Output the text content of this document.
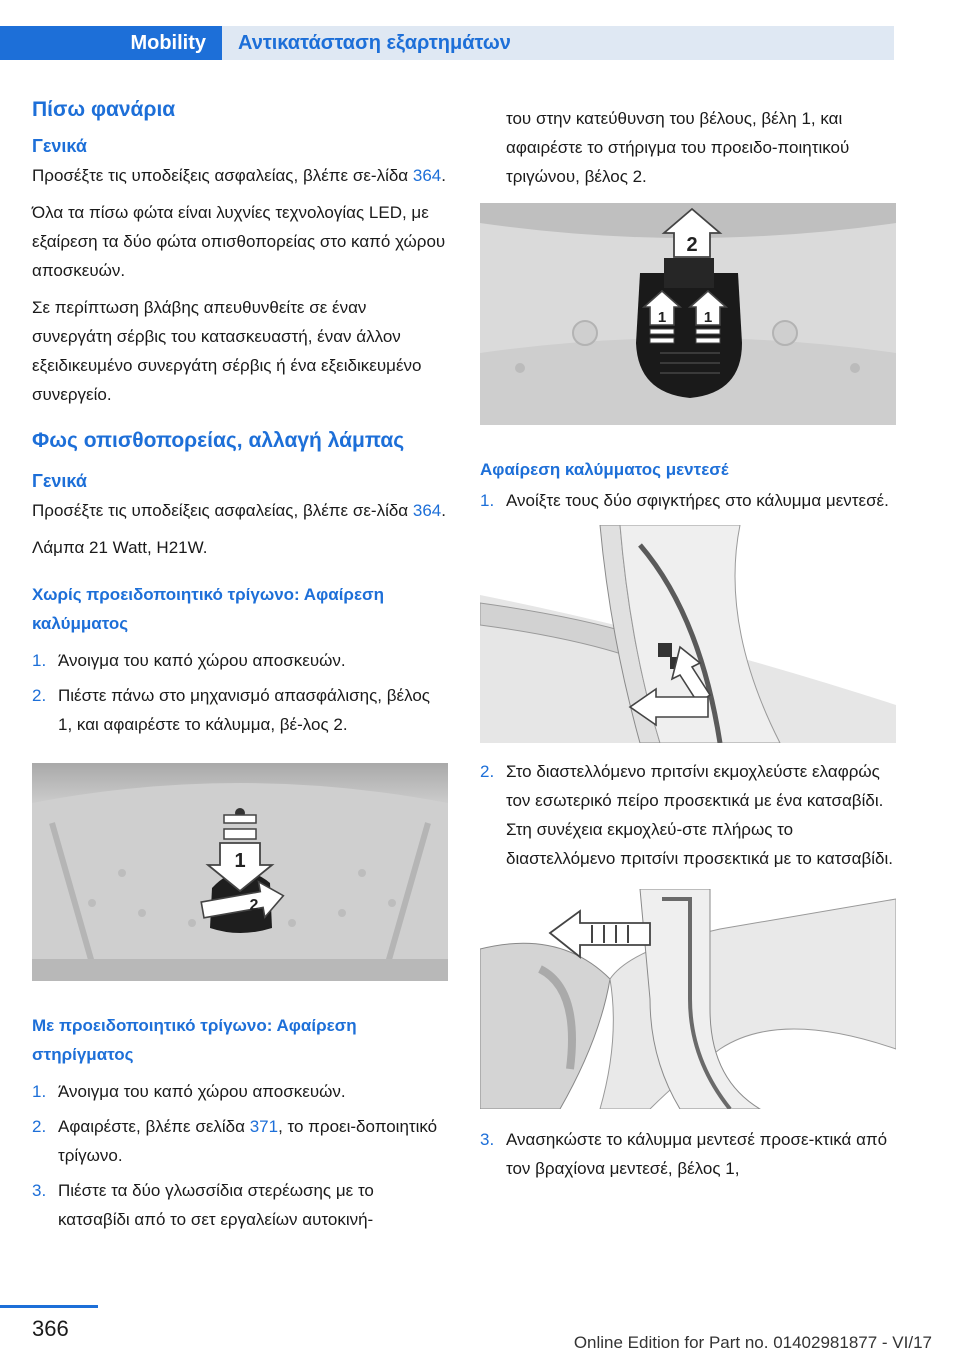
Mobility	Αντικατάσταση εξαρτημάτων
Πίσω φανάρια
Γενικά

Προσέξτε τις υποδείξεις ασφαλείας, βλέπε σε‐λίδα 364.

Όλα τα πίσω φώτα είναι λυχνίες τεχνολογίας LED, με εξαίρεση τα δύο φώτα οπισθοπορείας στο καπό χώρου αποσκευών.

Σε περίπτωση βλάβης απευθυνθείτε σε έναν συνεργάτη σέρβις του κατασκευαστή, έναν άλλον εξειδικευμένο συνεργάτη σέρβις ή ένα εξειδικευμένο συνεργείο.

Φως οπισθοπορείας, αλλαγή λάμπας
Γενικά

Προσέξτε τις υποδείξεις ασφαλείας, βλέπε σε‐λίδα 364.

Λάμπα 21 Watt, H21W.

Χωρίς προειδοποιητικό τρίγωνο: Αφαίρεση καλύμματος
1. Άνοιγμα του καπό χώρου αποσκευών.
2. Πιέστε πάνω στο μηχανισμό απασφάλισης, βέλος 1, και αφαιρέστε το κάλυμμα, βέ‐λος 2.
1
2
Με προειδοποιητικό τρίγωνο: Αφαίρεση στηρίγματος
1. Άνοιγμα του καπό χώρου αποσκευών.
2. Αφαιρέστε, βλέπε σελίδα 371, το προει‐δοποιητικό τρίγωνο.
3. Πιέστε τα δύο γλωσσίδια στερέωσης με το κατσαβίδι από το σετ εργαλείων αυτοκινή‐

του στην κατεύθυνση του βέλους, βέλη 1, και αφαιρέστε το στήριγμα του προειδο‐ποιητικού τριγώνου, βέλος 2.

2
1	1
Αφαίρεση καλύμματος μεντεσέ
1. Ανοίξτε τους δύο σφιγκτήρες στο κάλυμμα μεντεσέ.
2. Στο διαστελλόμενο πριτσίνι εκμοχλεύστε ελαφρώς τον εσωτερικό πείρο προσεκτικά με ένα κατσαβίδι. Στη συνέχεια εκμοχλεύ‐στε πλήρως το διαστελλόμενο πριτσίνι προσεκτικά με το κατσαβίδι.
3. Ανασηκώστε το κάλυμμα μεντεσέ προσε‐κτικά από τον βραχίονα μεντεσέ, βέλος 1,
366
Online Edition for Part no. 01402981877 - VI/17
